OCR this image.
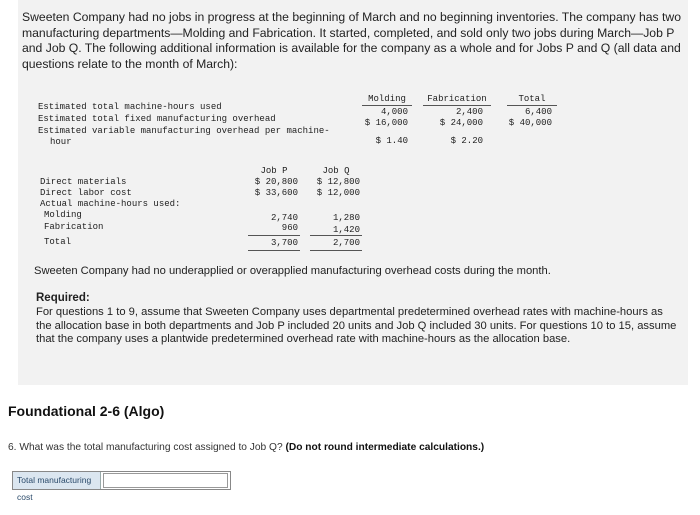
Sweeten Company had no jobs in progress at the beginning of March and no beginning inventories. The company has two manufacturing departments—Molding and Fabrication. It started, completed, and sold only two jobs during March—Job P and Job Q. The following additional information is available for the company as a whole and for Jobs P and Q (all data and questions relate to the month of March):
Molding	Fabrication	Total
Estimated total machine-hours used	4,000	2,400	6,400
Estimated total fixed manufacturing overhead	$ 16,000	$ 24,000	$ 40,000
Estimated variable manufacturing overhead per machine-
hour	$ 1.40	$ 2.20
Job P	Job Q
Direct materials	$ 20,800	$ 12,800
Direct labor cost	$ 33,600	$ 12,000
Actual machine-hours used:
Molding	2,740	1,280
Fabrication	960	1,420
Total	3,700	2,700
Sweeten Company had no underapplied or overapplied manufacturing overhead costs during the month.
Required:
For questions 1 to 9, assume that Sweeten Company uses departmental predetermined overhead rates with machine-hours as the allocation base in both departments and Job P included 20 units and Job Q included 30 units. For questions 10 to 15, assume that the company uses a plantwide predetermined overhead rate with machine-hours as the allocation base.
Foundational 2-6 (Algo)
6. What was the total manufacturing cost assigned to Job Q? (Do not round intermediate calculations.)
Total manufacturing cost
